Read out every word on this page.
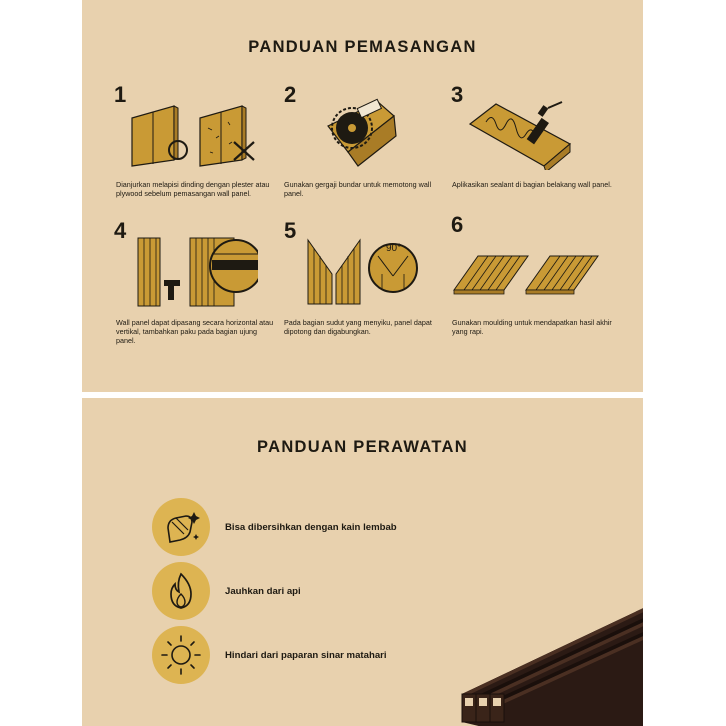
PANDUAN PEMASANGAN
1
Dianjurkan melapisi dinding dengan plester atau plywood sebelum pemasangan wall panel.
2
Gunakan gergaji bundar untuk memotong wall panel.
3
Aplikasikan sealant di bagian belakang wall panel.
4
Wall panel dapat dipasang secara horizontal atau vertikal, tambahkan paku pada bagian ujung panel.
5
90°
Pada bagian sudut yang menyiku, panel dapat dipotong dan digabungkan.
6
Gunakan moulding untuk mendapatkan hasil akhir yang rapi.
PANDUAN PERAWATAN
Bisa dibersihkan dengan kain lembab
Jauhkan dari api
Hindari dari paparan sinar matahari
